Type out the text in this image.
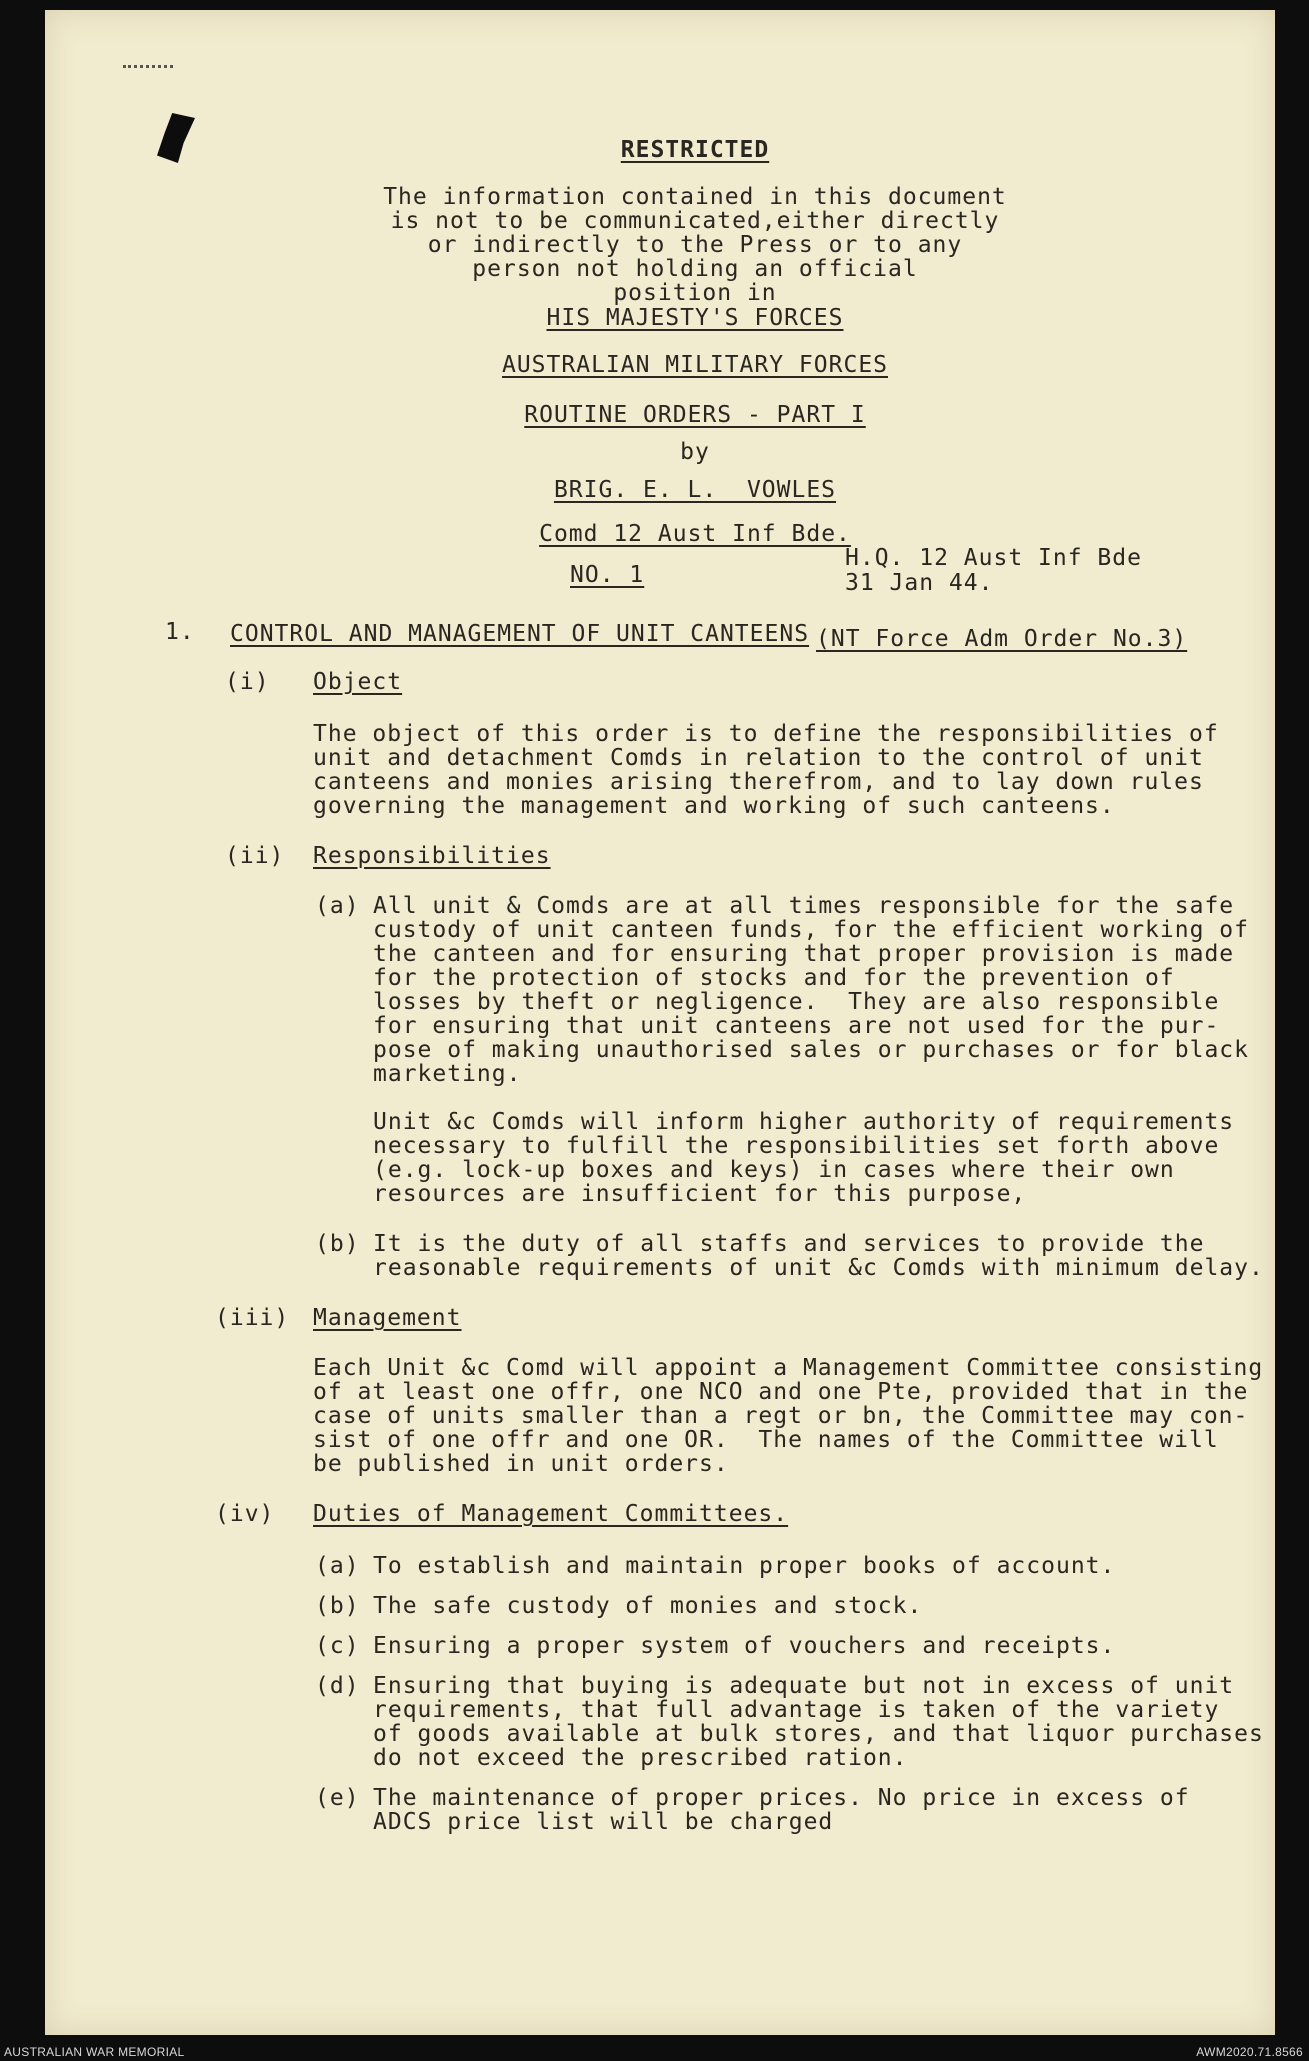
RESTRICTED
The information contained in this document
is not to be communicated,either directly
or indirectly to the Press or to any
person not holding an official
position in
HIS MAJESTY'S FORCES
AUSTRALIAN MILITARY FORCES
ROUTINE ORDERS - PART I
by
BRIG. E. L.  VOWLES
Comd 12 Aust Inf Bde.
NO. 1
H.Q. 12 Aust Inf Bde
31 Jan 44.
1. CONTROL AND MANAGEMENT OF UNIT CANTEENS (NT Force Adm Order No.3)
(i) Object
The object of this order is to define the responsibilities of
unit and detachment Comds in relation to the control of unit
canteens and monies arising therefrom, and to lay down rules
governing the management and working of such canteens.
(ii) Responsibilities
(a) All unit & Comds are at all times responsible for the safe
custody of unit canteen funds, for the efficient working of
the canteen and for ensuring that proper provision is made
for the protection of stocks and for the prevention of
losses by theft or negligence.  They are also responsible
for ensuring that unit canteens are not used for the pur-
pose of making unauthorised sales or purchases or for black
marketing.
Unit &c Comds will inform higher authority of requirements
necessary to fulfill the responsibilities set forth above
(e.g. lock-up boxes and keys) in cases where their own
resources are insufficient for this purpose,
(b) It is the duty of all staffs and services to provide the
reasonable requirements of unit &c Comds with minimum delay.
(iii) Management
Each Unit &c Comd will appoint a Management Committee consisting
of at least one offr, one NCO and one Pte, provided that in the
case of units smaller than a regt or bn, the Committee may con-
sist of one offr and one OR.  The names of the Committee will
be published in unit orders.
(iv) Duties of Management Committees.
(a) To establish and maintain proper books of account.
(b) The safe custody of monies and stock.
(c) Ensuring a proper system of vouchers and receipts.
(d) Ensuring that buying is adequate but not in excess of unit
requirements, that full advantage is taken of the variety
of goods available at bulk stores, and that liquor purchases
do not exceed the prescribed ration.
(e) The maintenance of proper prices. No price in excess of
ADCS price list will be charged
AUSTRALIAN WAR MEMORIAL	AWM2020.71.8566
